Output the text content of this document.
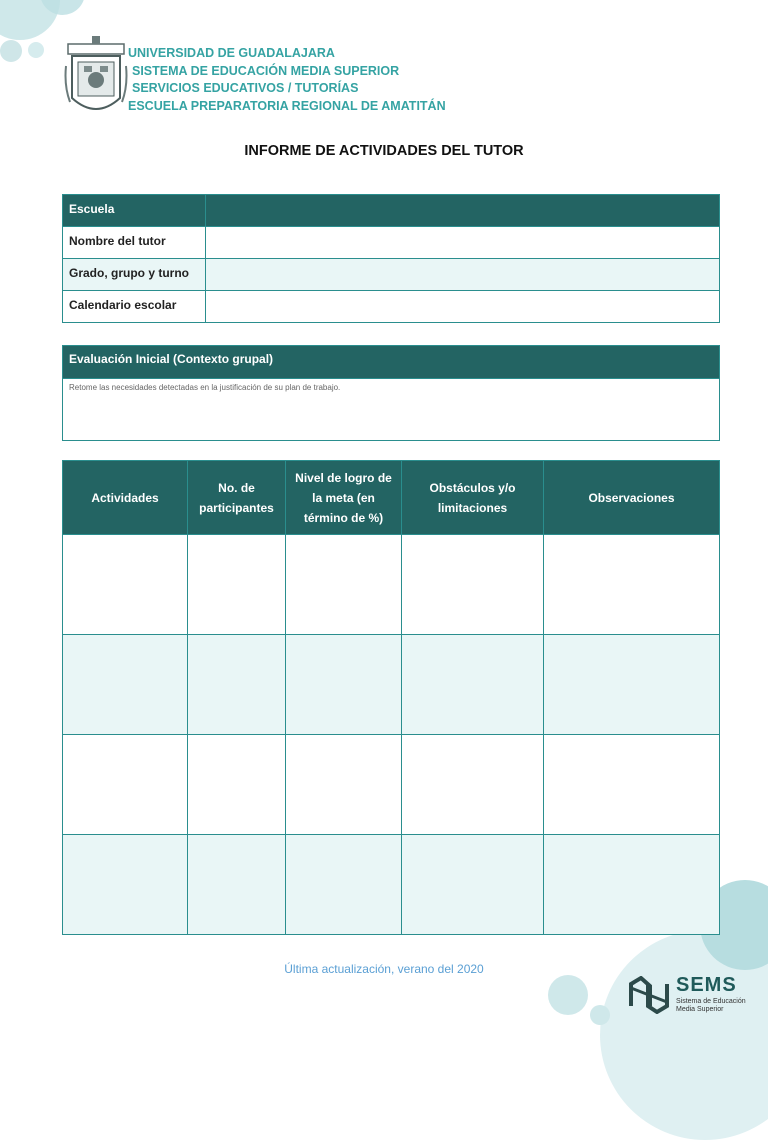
UNIVERSIDAD DE GUADALAJARA
SISTEMA DE EDUCACIÓN MEDIA SUPERIOR
SERVICIOS EDUCATIVOS / TUTORÍAS
ESCUELA PREPARATORIA REGIONAL DE AMATITÁN
INFORME DE ACTIVIDADES DEL TUTOR
Escuela	
Nombre del tutor	
Grado, grupo y turno	
Calendario escolar	
Evaluación Inicial (Contexto grupal)
Retome las necesidades detectadas en la justificación de su plan de trabajo.
Actividades	No. de participantes	Nivel de logro de la meta (en término de %)	Obstáculos y/o limitaciones	Observaciones

Última actualización, verano del 2020
SEMS
Sistema de Educación Media Superior
